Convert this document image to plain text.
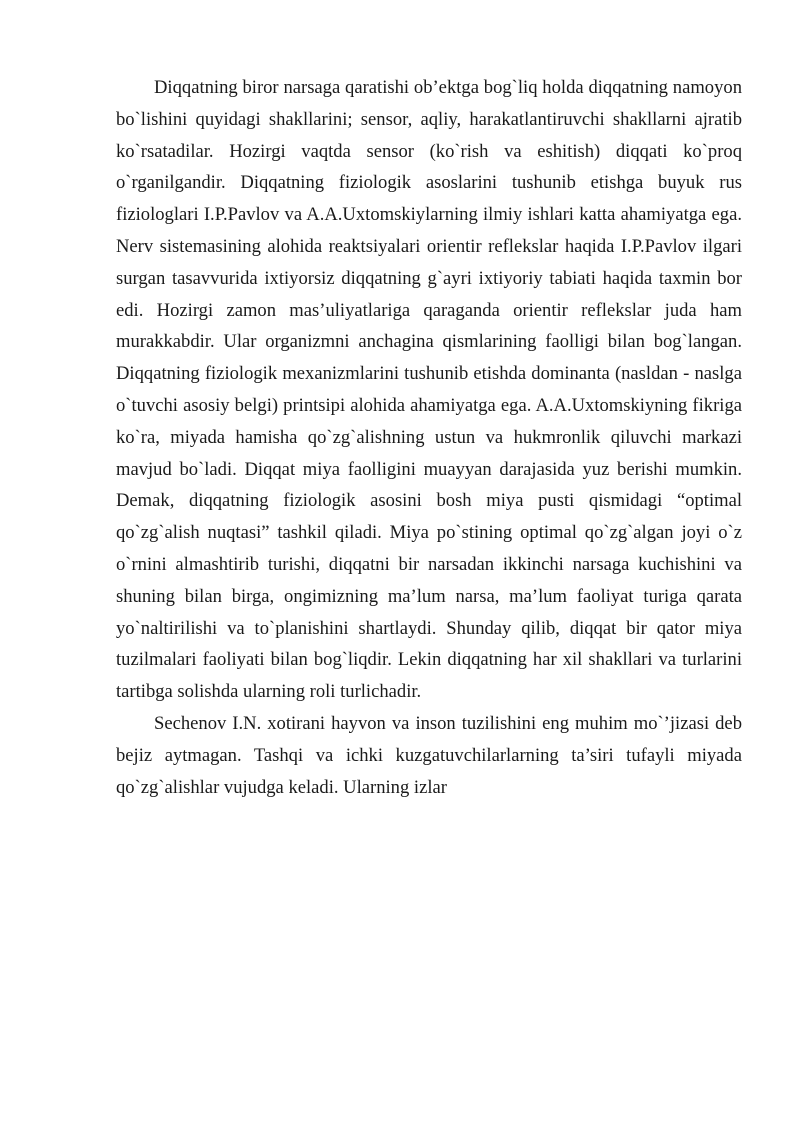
Diqqatning biror narsaga qaratishi ob’ektga bog`liq holda diqqatning namoyon bo`lishini quyidagi shakllarini; sensor, aqliy, harakatlantiruvchi shakllarni ajratib ko`rsatadilar. Hozirgi vaqtda sensor (ko`rish va eshitish) diqqati ko`proq o`rganilgandir. Diqqatning fiziologik asoslarini tushunib etishga buyuk rus fiziologlari I.P.Pavlov va A.A.Uxtomskiylarning ilmiy ishlari katta ahamiyatga ega. Nerv sistemasining alohida reaktsiyalari orientir reflekslar haqida I.P.Pavlov ilgari surgan tasavvurida ixtiyorsiz diqqatning g`ayri ixtiyoriy tabiati haqida taxmin bor edi. Hozirgi zamon mas’uliyatlariga qaraganda orientir reflekslar juda ham murakkabdir. Ular organizmni anchagina qismlarining faolligi bilan bog`langan. Diqqatning fiziologik mexanizmlarini tushunib etishda dominanta (nasldan - naslga o`tuvchi asosiy belgi) printsipi alohida ahamiyatga ega. A.A.Uxtomskiyning fikriga ko`ra, miyada hamisha qo`zg`alishning ustun va hukmronlik qiluvchi markazi mavjud bo`ladi. Diqqat miya faolligini muayyan darajasida yuz berishi mumkin. Demak, diqqatning fiziologik asosini bosh miya pusti qismidagi “optimal qo`zg`alish nuqtasi” tashkil qiladi. Miya po`stining optimal qo`zg`algan joyi o`z o`rnini almashtirib turishi, diqqatni bir narsadan ikkinchi narsaga kuchishini va shuning bilan birga, ongimizning ma’lum narsa, ma’lum faoliyat turiga qarata yo`naltirilishi va to`planishini shartlaydi. Shunday qilib, diqqat bir qator miya tuzilmalari faoliyati bilan bog`liqdir. Lekin diqqatning har xil shakllari va turlarini tartibga solishda ularning roli turlichadir.

Sechenov I.N. xotirani hayvon va inson tuzilishini eng muhim mo`’jizasi deb bejiz aytmagan. Tashqi va ichki kuzgatuvchilarlarning ta’siri tufayli miyada qo`zg`alishlar vujudga keladi. Ularning izlar
